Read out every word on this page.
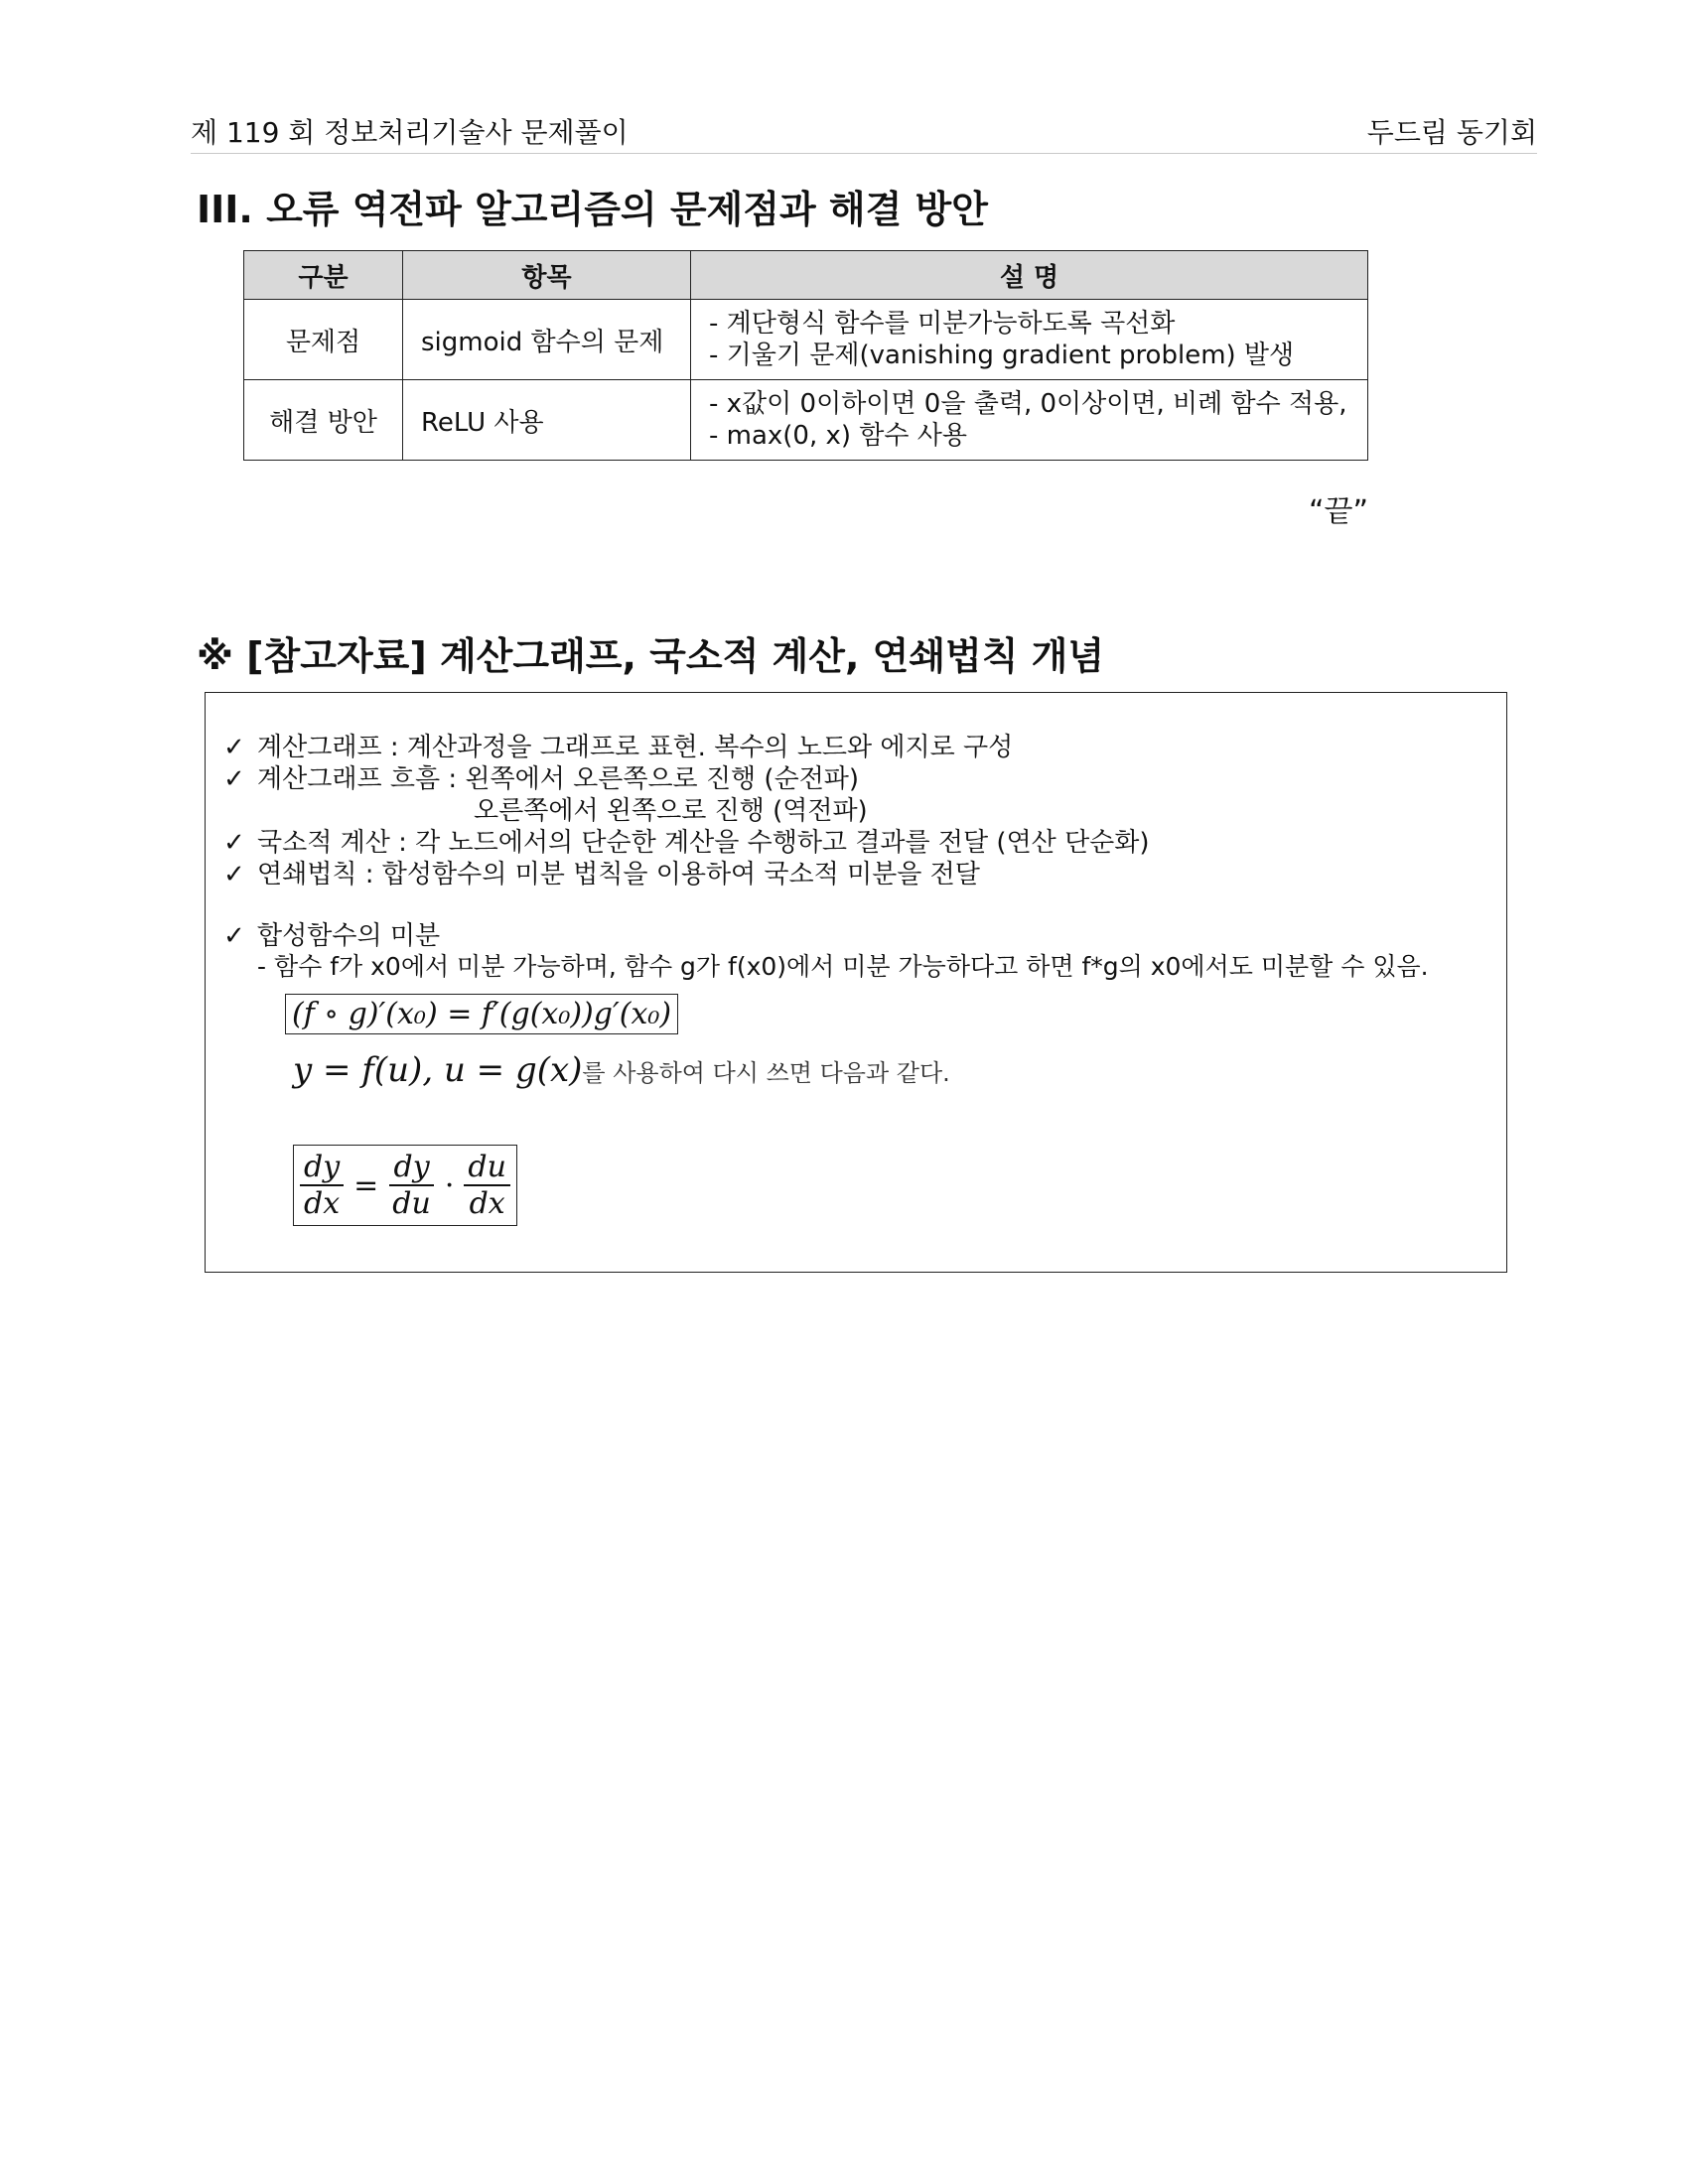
제 119 회 정보처리기술사 문제풀이	두드림 동기회
III. 오류 역전파 알고리즘의 문제점과 해결 방안
구분	항목	설 명
문제점	sigmoid 함수의 문제	- 계단형식 함수를 미분가능하도록 곡선화
- 기울기 문제(vanishing gradient problem) 발생

해결 방안	ReLU 사용	- x값이 0이하이면 0을 출력, 0이상이면, 비례 함수 적용,
- max(0, x) 함수 사용
“끝”
※ [참고자료] 계산그래프, 국소적 계산, 연쇄법칙 개념
✓ 계산그래프 : 계산과정을 그래프로 표현. 복수의 노드와 에지로 구성
✓ 계산그래프 흐흠 : 왼쪽에서 오른쪽으로 진행 (순전파)
오른쪽에서 왼쪽으로 진행 (역전파)
✓ 국소적 계산 : 각 노드에서의 단순한 계산을 수행하고 결과를 전달 (연산 단순화)
✓ 연쇄법칙 : 합성함수의 미분 법칙을 이용하여 국소적 미분을 전달
✓ 합성함수의 미분
- 함수 f가 x0에서 미분 가능하며, 함수 g가 f(x0)에서 미분 가능하다고 하면 f*g의 x0에서도 미분할 수 있음.
(f ∘ g)′(x₀) = f′(g(x₀))g′(x₀)
y = f(u), u = g(x)를 사용하여 다시 쓰면 다음과 같다.
$\frac{dy}{dx} = \frac{dy}{du} \cdot \frac{du}{dx}$
